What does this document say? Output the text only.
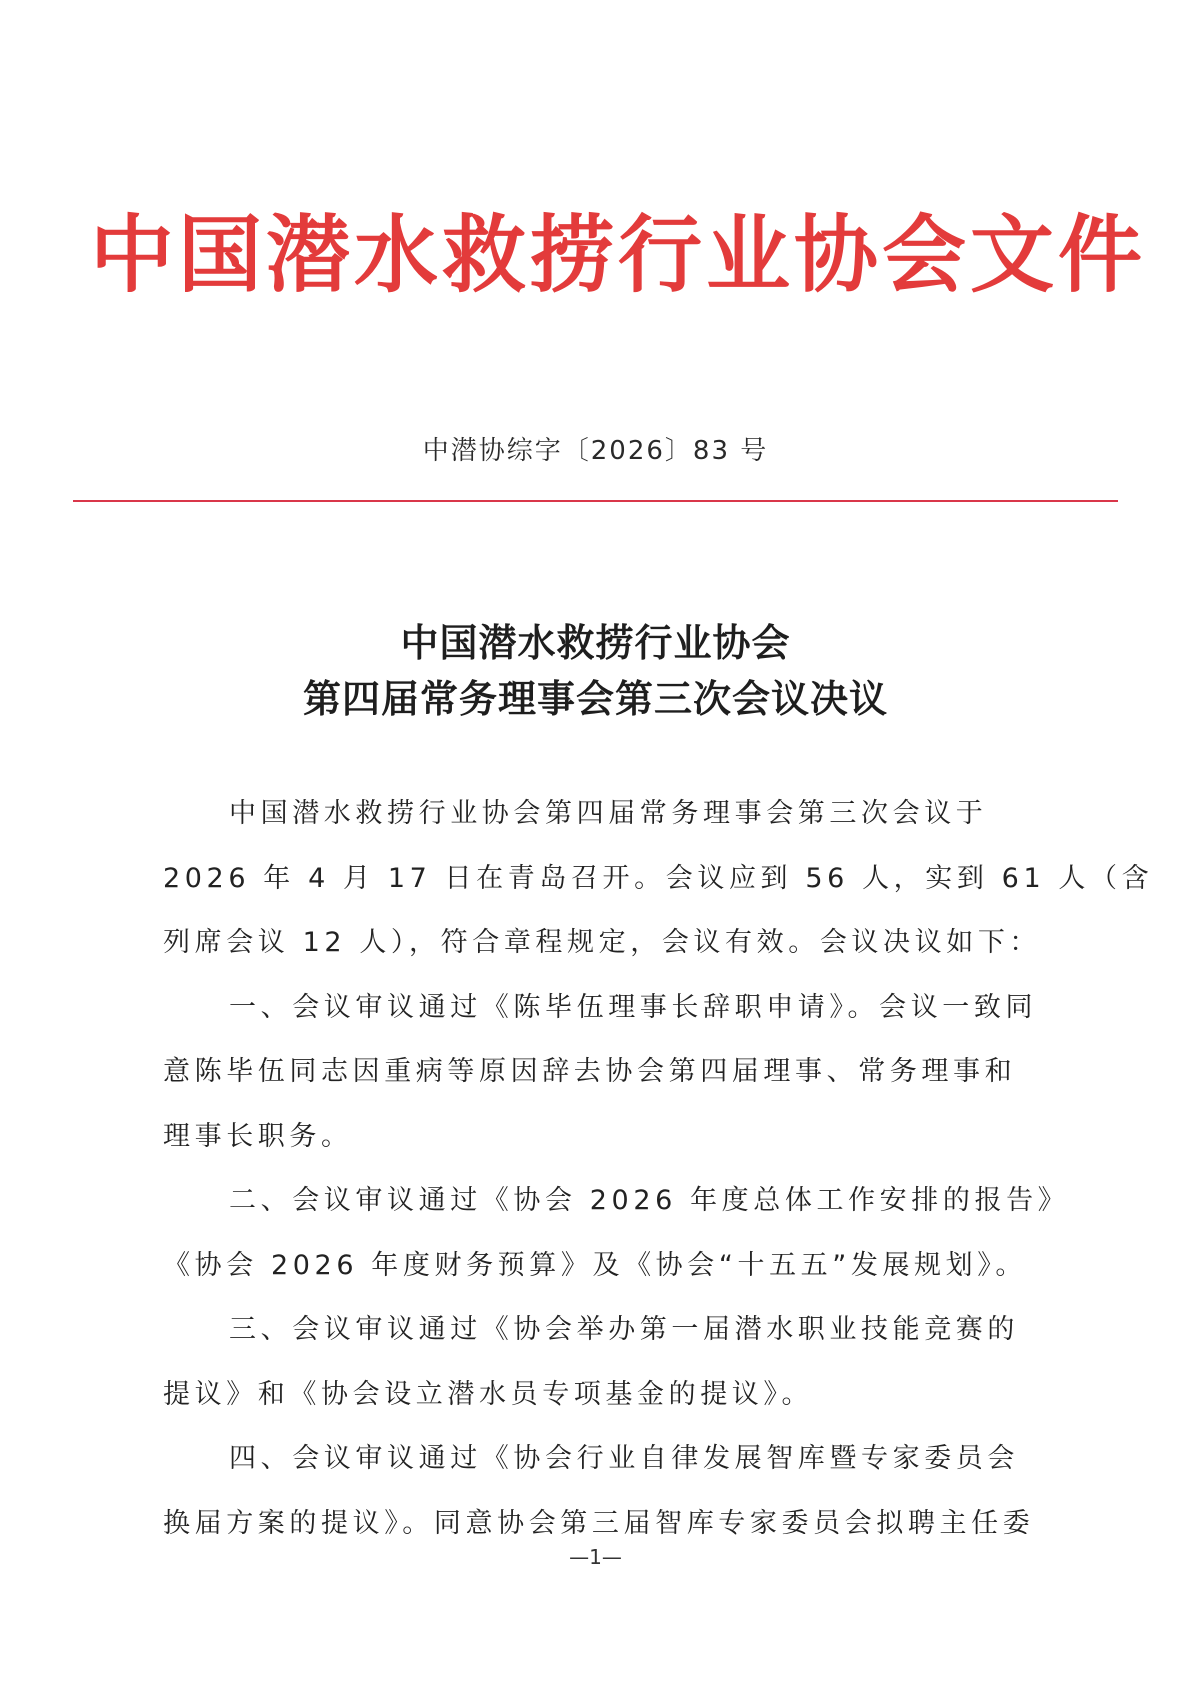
中国潜水救捞行业协会文件
中潜协综字〔2026〕83 号
中国潜水救捞行业协会
第四届常务理事会第三次会议决议
中国潜水救捞行业协会第四届常务理事会第三次会议于
2026 年 4 月 17 日在青岛召开。会议应到 56 人，实到 61 人（含
列席会议 12 人），符合章程规定，会议有效。会议决议如下：
一、会议审议通过《陈毕伍理事长辞职申请》。会议一致同
意陈毕伍同志因重病等原因辞去协会第四届理事、常务理事和
理事长职务。
二、会议审议通过《协会 2026 年度总体工作安排的报告》
《协会 2026 年度财务预算》及《协会“十五五”发展规划》。
三、会议审议通过《协会举办第一届潜水职业技能竞赛的
提议》和《协会设立潜水员专项基金的提议》。
四、会议审议通过《协会行业自律发展智库暨专家委员会
换届方案的提议》。同意协会第三届智库专家委员会拟聘主任委
—1—
